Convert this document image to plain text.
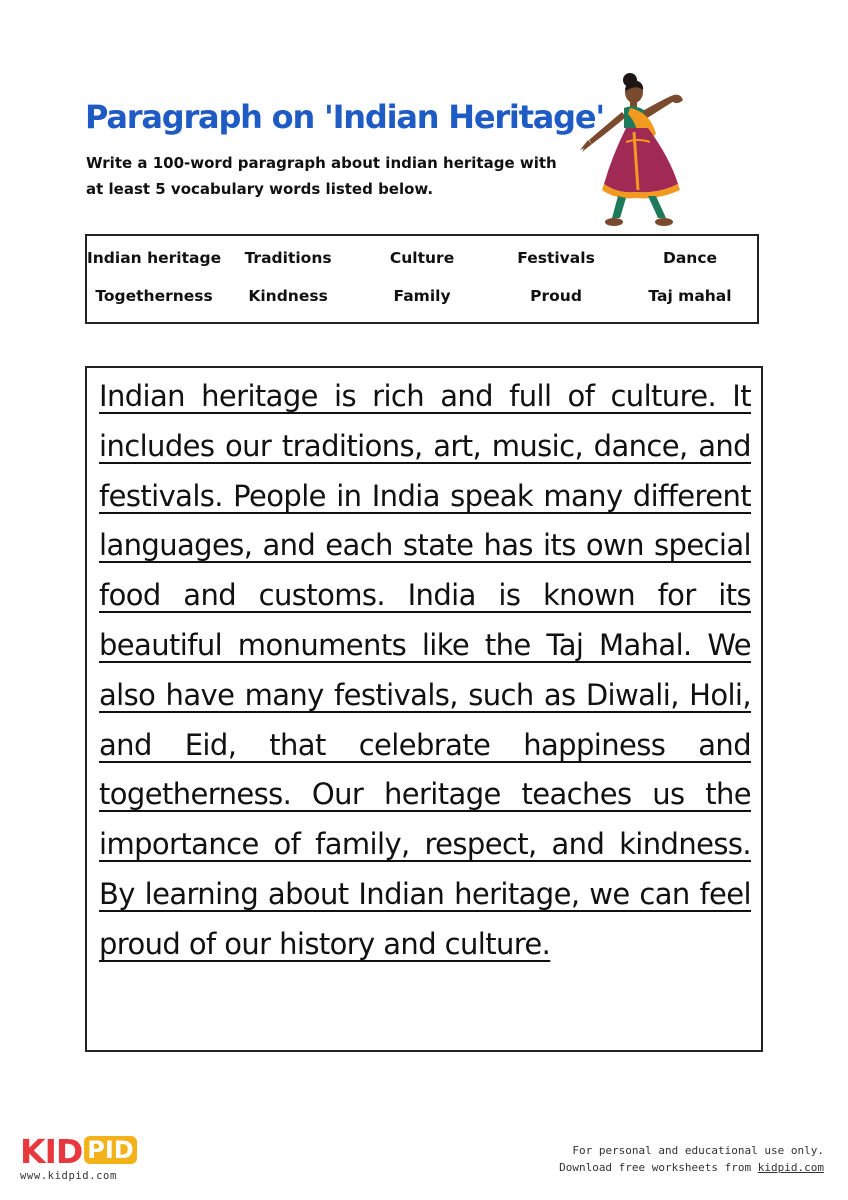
Paragraph on 'Indian Heritage'

Write a 100-word paragraph about indian heritage with at least 5 vocabulary words listed below.

Indian heritage	Traditions	Culture	Festivals	Dance
Togetherness	Kindness	Family	Proud	Taj mahal

Indian heritage is rich and full of culture. It includes our traditions, art, music, dance, and festivals. People in India speak many different languages, and each state has its own special food and customs. India is known for its beautiful monuments like the Taj Mahal. We also have many festivals, such as Diwali, Holi, and Eid, that celebrate happiness and togetherness. Our heritage teaches us the importance of family, respect, and kindness. By learning about Indian heritage, we can feel proud of our history and culture.

KID PID
www.kidpid.com
For personal and educational use only.
Download free worksheets from kidpid.com
